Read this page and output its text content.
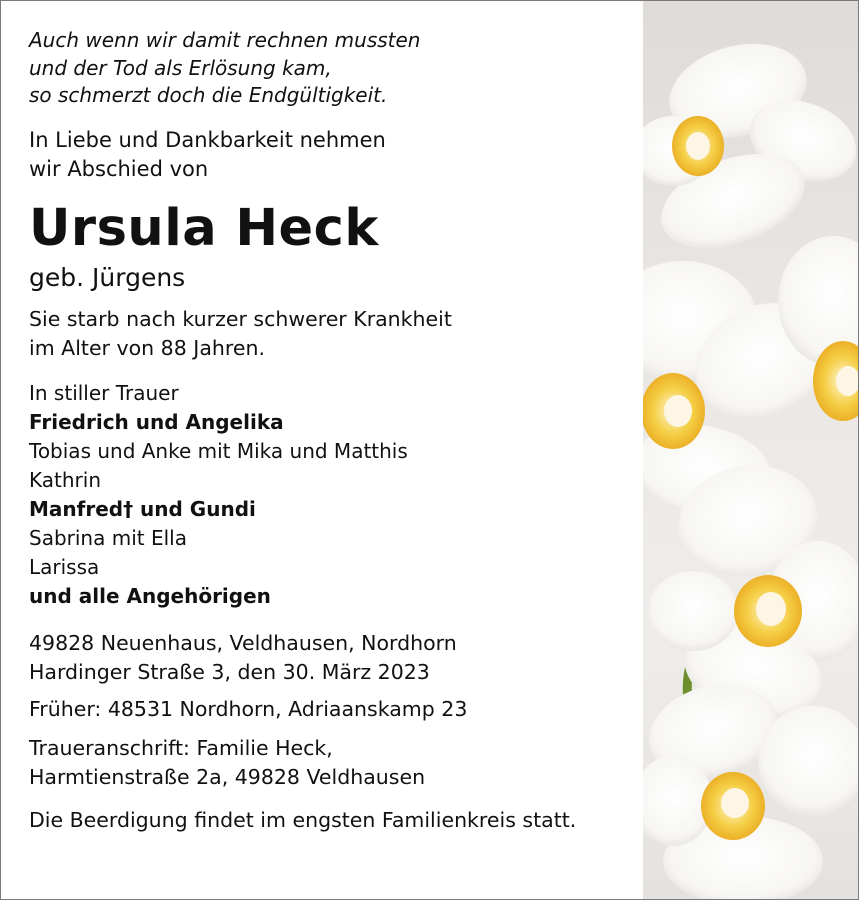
Auch wenn wir damit rechnen mussten
und der Tod als Erlösung kam,
so schmerzt doch die Endgültigkeit.
In Liebe und Dankbarkeit nehmen
wir Abschied von
Ursula Heck
geb. Jürgens
Sie starb nach kurzer schwerer Krankheit
im Alter von 88 Jahren.
In stiller Trauer
Friedrich und Angelika
Tobias und Anke mit Mika und Matthis
Kathrin
Manfred† und Gundi
Sabrina mit Ella
Larissa
und alle Angehörigen
49828 Neuenhaus, Veldhausen, Nordhorn
Hardinger Straße 3, den 30. März 2023
Früher: 48531 Nordhorn, Adriaanskamp 23
Traueranschrift: Familie Heck,
Harmtienstraße 2a, 49828 Veldhausen
Die Beerdigung findet im engsten Familienkreis statt.
